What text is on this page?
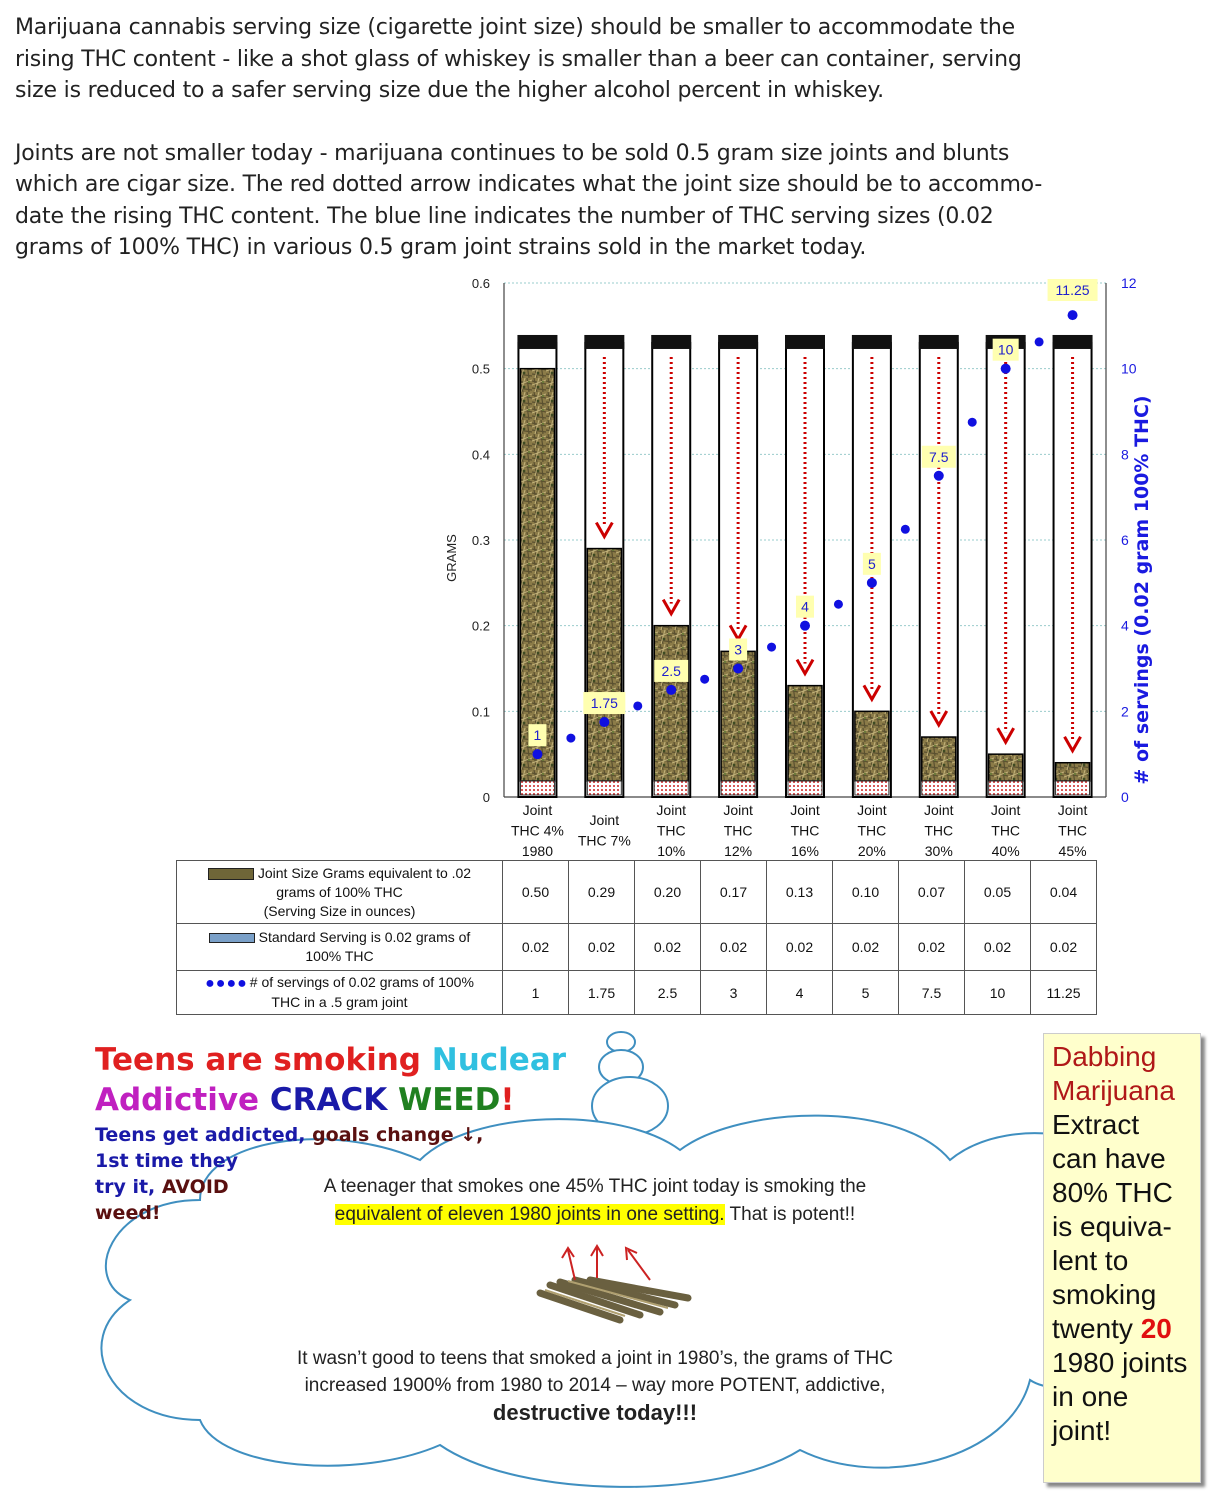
Marijuana cannabis serving size (cigarette joint size) should be smaller to accommodate the
rising THC content - like a shot glass of whiskey is smaller than a beer can container, serving
size is reduced to a safer serving size due the higher alcohol percent in whiskey.

Joints are not smaller today - marijuana continues to be sold 0.5 gram size joints and blunts
which are cigar size. The red dotted arrow indicates what the joint size should be to accommo-
date the rising THC content. The blue line indicates the number of THC serving sizes (0.02
grams of 100% THC) in various 0.5 gram joint strains sold in the market today.

0
0.1
0.2
0.3
0.4
0.5
0.6
0
2
4
6
8
10
12
GRAMS	# of servings (0.02 gram 100% THC)
Joint
THC 4%
1980
Joint
THC 7%
Joint
THC
10%
Joint
THC
12%
Joint
THC
16%
Joint
THC
20%
Joint
THC
30%
Joint
THC
40%
Joint
THC
45%
1
1.75
2.5
3
4
5
7.5
10
11.25
Joint Size Grams equivalent to .02
grams of 100% THC
(Serving Size in ounces)	0.50	0.29	0.20	0.17	0.13	0.10	0.07	0.05	0.04
Standard Serving is 0.02 grams of
100% THC	0.02	0.02	0.02	0.02	0.02	0.02	0.02	0.02	0.02
●●●● # of servings of 0.02 grams of 100%
THC in a .5 gram joint	1	1.75	2.5	3	4	5	7.5	10	11.25
Teens are smoking Nuclear
Addictive CRACK WEED!
Teens get addicted, goals change ↓,
1st time they
try it, AVOID
weed!
A teenager that smokes one 45% THC joint today is smoking the
equivalent of eleven 1980 joints in one setting. That is potent!!
It wasn’t good to teens that smoked a joint in 1980’s, the grams of THC
increased 1900% from 1980 to 2014 – way more POTENT, addictive,
destructive today!!!
Dabbing
Marijuana
Extract
can have
80% THC
is equiva-
lent to
smoking
twenty 20
1980 joints
in one
joint!
